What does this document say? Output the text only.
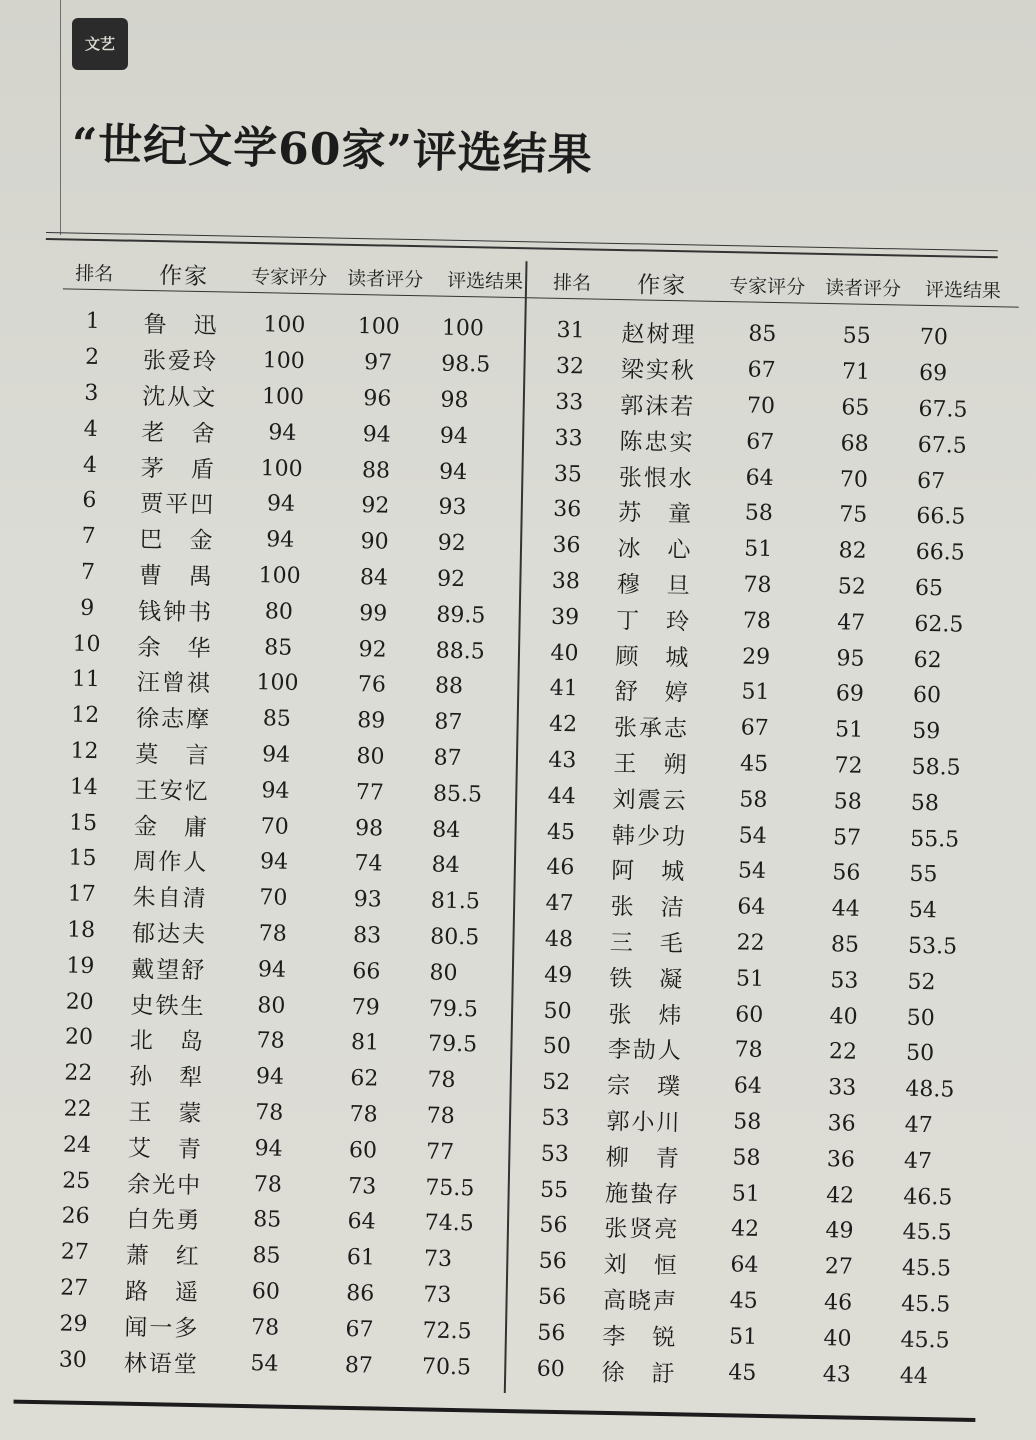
文艺
“世纪文学60家”评选结果
排名	作家	专家评分	读者评分	评选结果
1	鲁　迅	100	100	100
2	张爱玲	100	97	98.5
3	沈从文	100	96	98
4	老　舍	94	94	94
4	茅　盾	100	88	94
6	贾平凹	94	92	93
7	巴　金	94	90	92
7	曹　禺	100	84	92
9	钱钟书	80	99	89.5
10	余　华	85	92	88.5
11	汪曾祺	100	76	88
12	徐志摩	85	89	87
12	莫　言	94	80	87
14	王安忆	94	77	85.5
15	金　庸	70	98	84
15	周作人	94	74	84
17	朱自清	70	93	81.5
18	郁达夫	78	83	80.5
19	戴望舒	94	66	80
20	史铁生	80	79	79.5
20	北　岛	78	81	79.5
22	孙　犁	94	62	78
22	王　蒙	78	78	78
24	艾　青	94	60	77
25	余光中	78	73	75.5
26	白先勇	85	64	74.5
27	萧　红	85	61	73
27	路　遥	60	86	73
29	闻一多	78	67	72.5
30	林语堂	54	87	70.5
排名	作家	专家评分	读者评分	评选结果
31	赵树理	85	55	70
32	梁实秋	67	71	69
33	郭沫若	70	65	67.5
33	陈忠实	67	68	67.5
35	张恨水	64	70	67
36	苏　童	58	75	66.5
36	冰　心	51	82	66.5
38	穆　旦	78	52	65
39	丁　玲	78	47	62.5
40	顾　城	29	95	62
41	舒　婷	51	69	60
42	张承志	67	51	59
43	王　朔	45	72	58.5
44	刘震云	58	58	58
45	韩少功	54	57	55.5
46	阿　城	54	56	55
47	张　洁	64	44	54
48	三　毛	22	85	53.5
49	铁　凝	51	53	52
50	张　炜	60	40	50
50	李劼人	78	22	50
52	宗　璞	64	33	48.5
53	郭小川	58	36	47
53	柳　青	58	36	47
55	施蛰存	51	42	46.5
56	张贤亮	42	49	45.5
56	刘　恒	64	27	45.5
56	高晓声	45	46	45.5
56	李　锐	51	40	45.5
60	徐　訏	45	43	44
